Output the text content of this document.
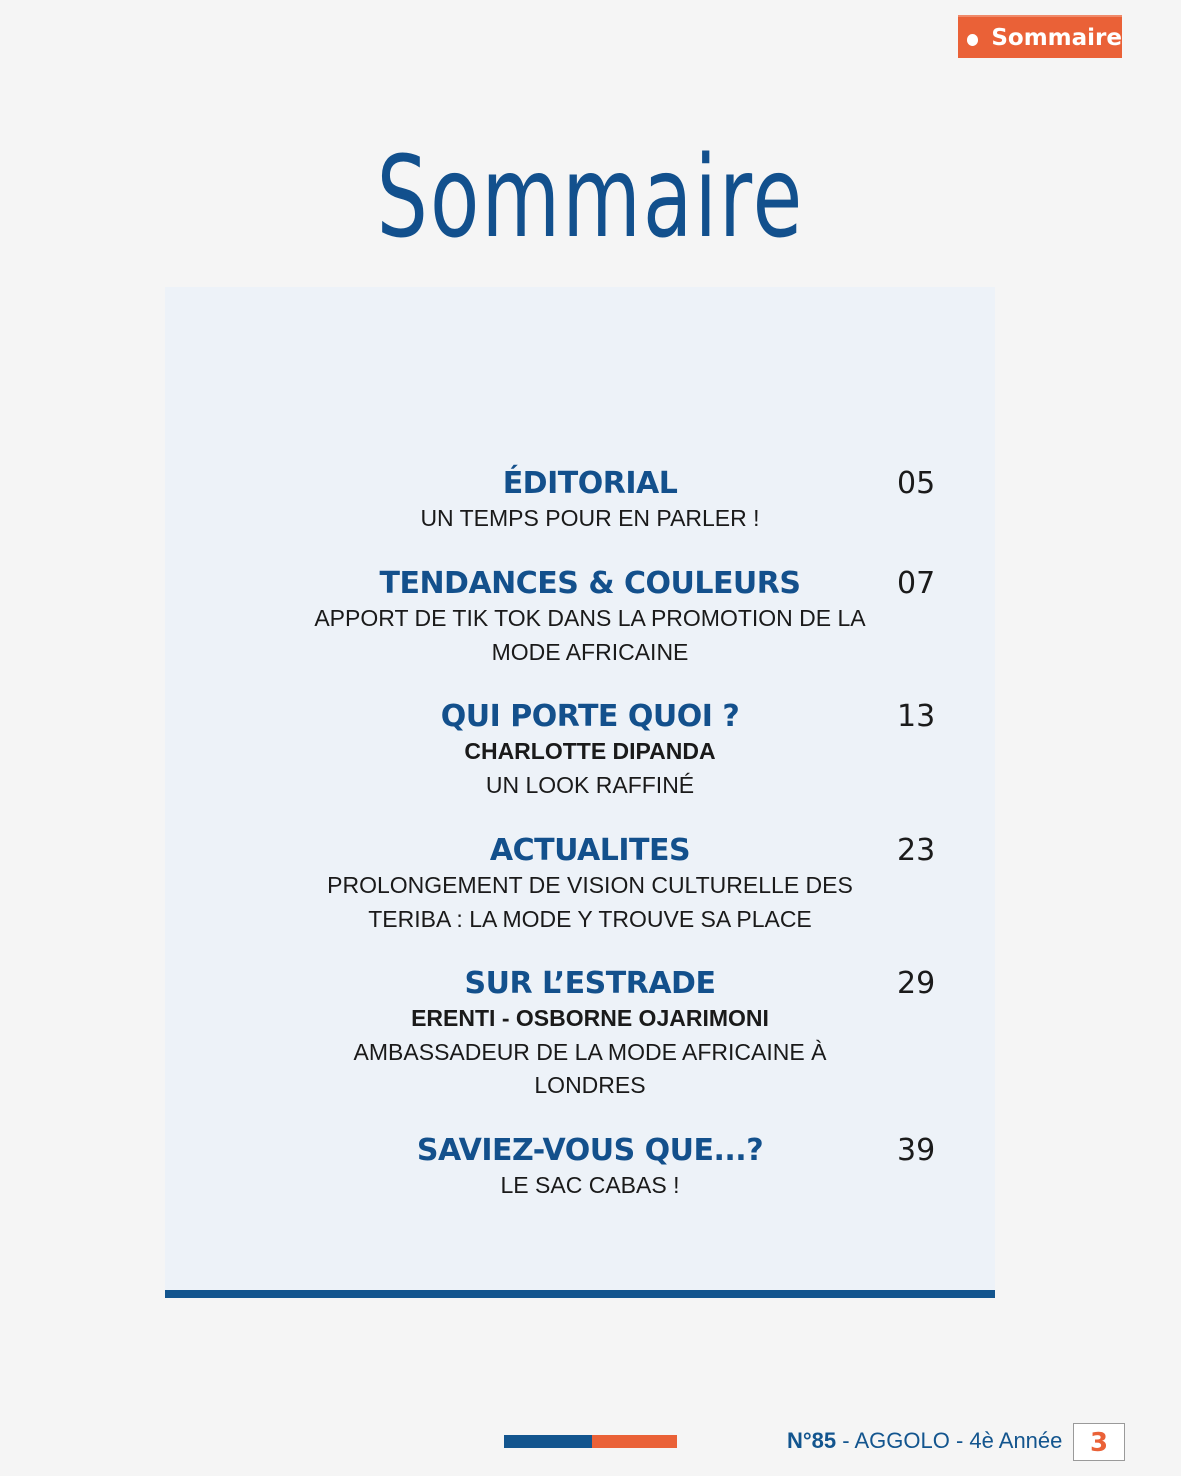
Sommaire
Sommaire
ÉDITORIAL
UN TEMPS POUR EN PARLER !
05
TENDANCES & COULEURS
APPORT DE TIK TOK DANS LA PROMOTION DE LA
MODE AFRICAINE
07
QUI PORTE QUOI ?
CHARLOTTE DIPANDA
UN LOOK RAFFINÉ
13
ACTUALITES
PROLONGEMENT DE VISION CULTURELLE DES
TERIBA : LA MODE Y TROUVE SA PLACE
23
SUR L’ESTRADE
ERENTI - OSBORNE OJARIMONI
AMBASSADEUR DE LA MODE AFRICAINE À
LONDRES
29
SAVIEZ-VOUS QUE...?
LE SAC CABAS !
39
N°85 - AGGOLO - 4è Année	3
